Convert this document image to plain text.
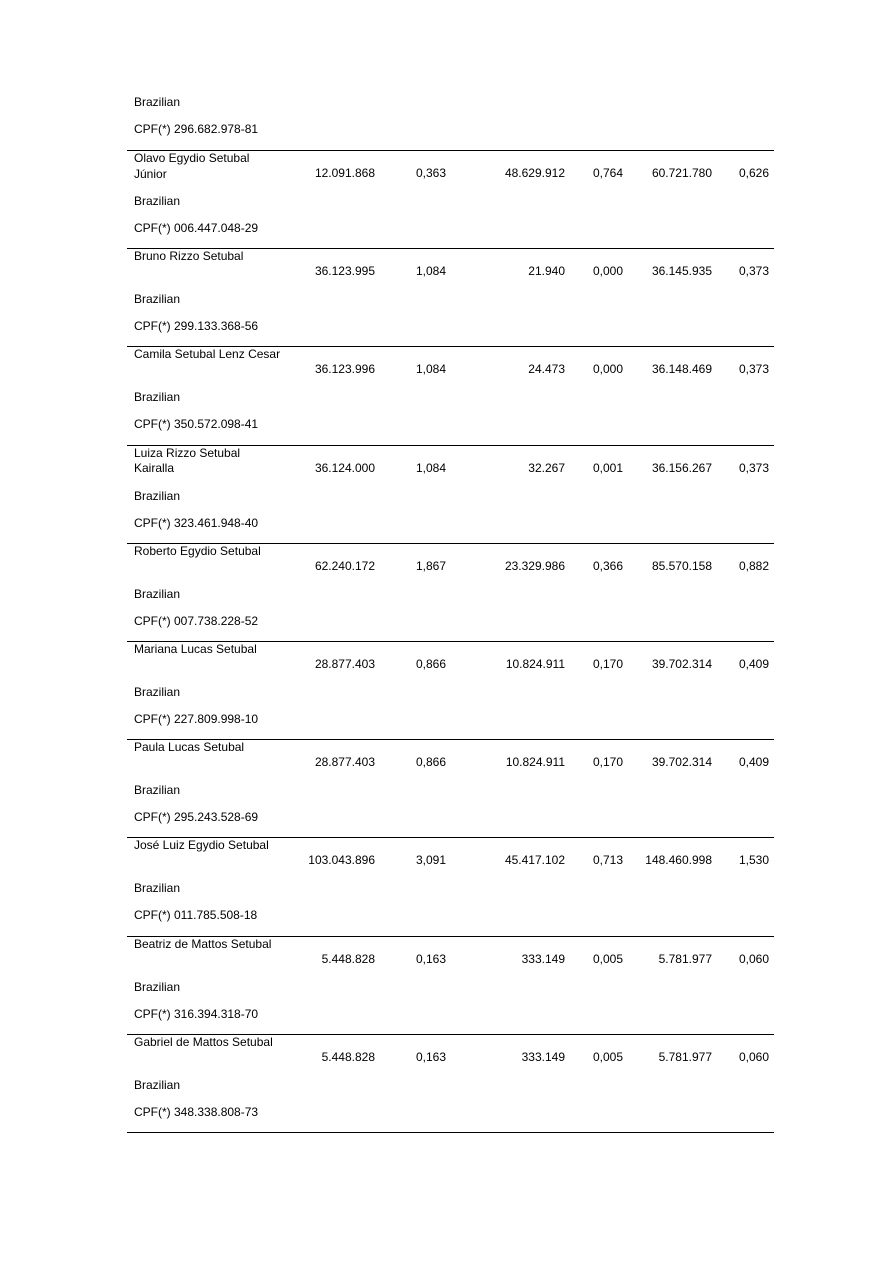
Brazilian
CPF(*) 296.682.978-81
Olavo Egydio Setubal
Júnior
Brazilian
CPF(*) 006.447.048-29
12.091.868	0,363	48.629.912 0,764 60.721.780 0,626
Bruno Rizzo Setubal
Brazilian
CPF(*) 299.133.368-56
36.123.995	1,084	21.940 0,000 36.145.935 0,373
Camila Setubal Lenz Cesar
Brazilian
CPF(*) 350.572.098-41
36.123.996	1,084	24.473 0,000 36.148.469 0,373
Luiza Rizzo Setubal
Kairalla
Brazilian
CPF(*) 323.461.948-40
36.124.000	1,084	32.267 0,001 36.156.267 0,373
Roberto Egydio Setubal
Brazilian
CPF(*) 007.738.228-52
62.240.172	1,867	23.329.986 0,366 85.570.158 0,882
Mariana Lucas Setubal
Brazilian
CPF(*) 227.809.998-10
28.877.403	0,866	10.824.911 0,170 39.702.314 0,409
Paula Lucas Setubal
Brazilian
CPF(*) 295.243.528-69
28.877.403	0,866	10.824.911 0,170 39.702.314 0,409
José Luiz Egydio Setubal
Brazilian
CPF(*) 011.785.508-18
103.043.896	3,091	45.417.102 0,713 148.460.998 1,530
Beatriz de Mattos Setubal
Brazilian
CPF(*) 316.394.318-70
5.448.828	0,163	333.149 0,005	5.781.977 0,060
Gabriel de Mattos Setubal
Brazilian
CPF(*) 348.338.808-73
5.448.828	0,163	333.149 0,005	5.781.977 0,060
